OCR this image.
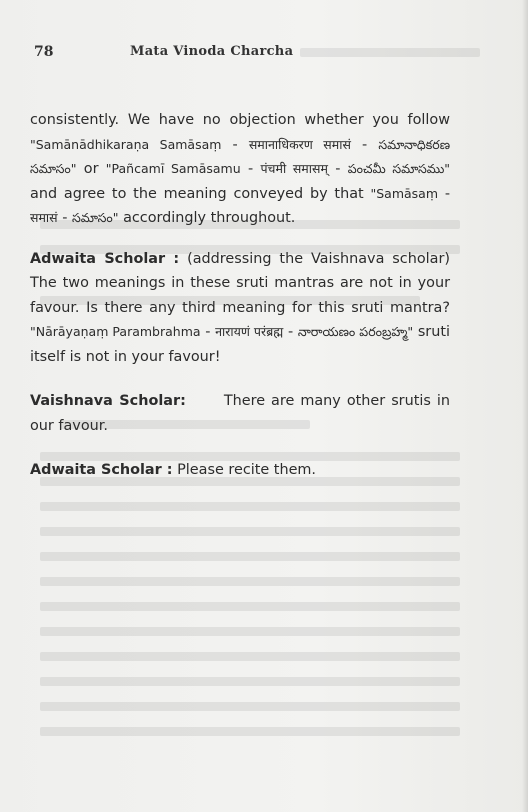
78	Mata Vinoda Charcha

consistently. We have no objection whether you follow "Samānādhikaraṇa Samāsaṃ - समानाधिकरण समासं - సమానాధికరణ సమాసం" or "Pañcamī Samāsamu - पंचमी समासम् - పంచమీ సమాసము" and agree to the meaning conveyed by that "Samāsaṃ - समासं - సమాసం" accordingly throughout.

Adwaita Scholar : (addressing the Vaishnava scholar) The two meanings in these sruti mantras are not in your favour. Is there any third meaning for this sruti mantra? "Nārāyaṇaṃ Parambrahma - नारायणं परंब्रह्म - నారాయణం పరంబ్రహ్మ" sruti itself is not in your favour!

Vaishnava Scholar:	There are many other srutis in our favour.

Adwaita Scholar : Please recite them.
